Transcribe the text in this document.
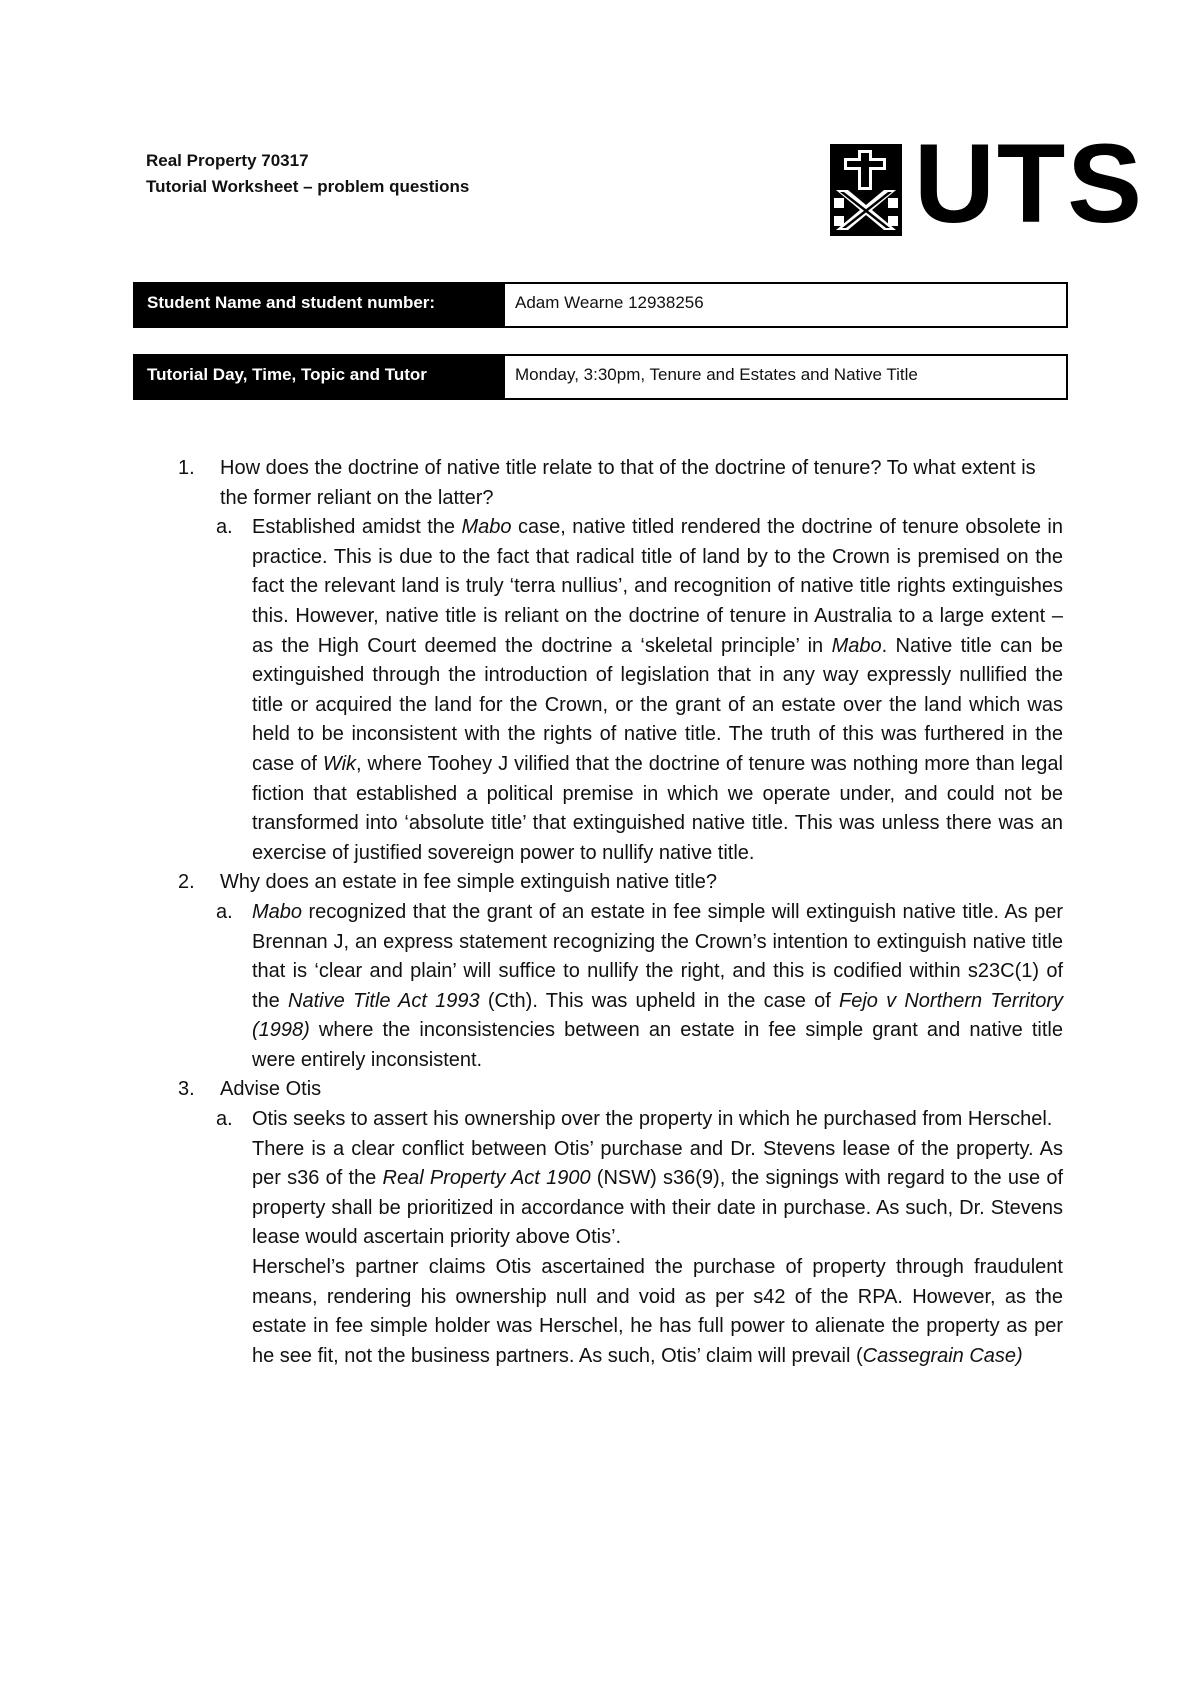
Real Property 70317
Tutorial Worksheet – problem questions	UTS
Student Name and student number:	Adam Wearne 12938256
Tutorial Day, Time, Topic and Tutor	Monday, 3:30pm, Tenure and Estates and Native Title
1. How does the doctrine of native title relate to that of the doctrine of tenure? To what extent is the former reliant on the latter?
a. Established amidst the Mabo case, native titled rendered the doctrine of tenure obsolete in practice. This is due to the fact that radical title of land by to the Crown is premised on the fact the relevant land is truly ‘terra nullius’, and recognition of native title rights extinguishes this. However, native title is reliant on the doctrine of tenure in Australia to a large extent – as the High Court deemed the doctrine a ‘skeletal principle’ in Mabo. Native title can be extinguished through the introduction of legislation that in any way expressly nullified the title or acquired the land for the Crown, or the grant of an estate over the land which was held to be inconsistent with the rights of native title. The truth of this was furthered in the case of Wik, where Toohey J vilified that the doctrine of tenure was nothing more than legal fiction that established a political premise in which we operate under, and could not be transformed into ‘absolute title’ that extinguished native title. This was unless there was an exercise of justified sovereign power to nullify native title.

2. Why does an estate in fee simple extinguish native title?
a. Mabo recognized that the grant of an estate in fee simple will extinguish native title. As per Brennan J, an express statement recognizing the Crown’s intention to extinguish native title that is ‘clear and plain’ will suffice to nullify the right, and this is codified within s23C(1) of the Native Title Act 1993 (Cth). This was upheld in the case of Fejo v Northern Territory (1998) where the inconsistencies between an estate in fee simple grant and native title were entirely inconsistent.

3. Advise Otis
a. Otis seeks to assert his ownership over the property in which he purchased from Herschel.

There is a clear conflict between Otis’ purchase and Dr. Stevens lease of the property. As per s36 of the Real Property Act 1900 (NSW) s36(9), the signings with regard to the use of property shall be prioritized in accordance with their date in purchase. As such, Dr. Stevens lease would ascertain priority above Otis’.

Herschel’s partner claims Otis ascertained the purchase of property through fraudulent means, rendering his ownership null and void as per s42 of the RPA. However, as the estate in fee simple holder was Herschel, he has full power to alienate the property as per he see fit, not the business partners. As such, Otis’ claim will prevail (Cassegrain Case)
